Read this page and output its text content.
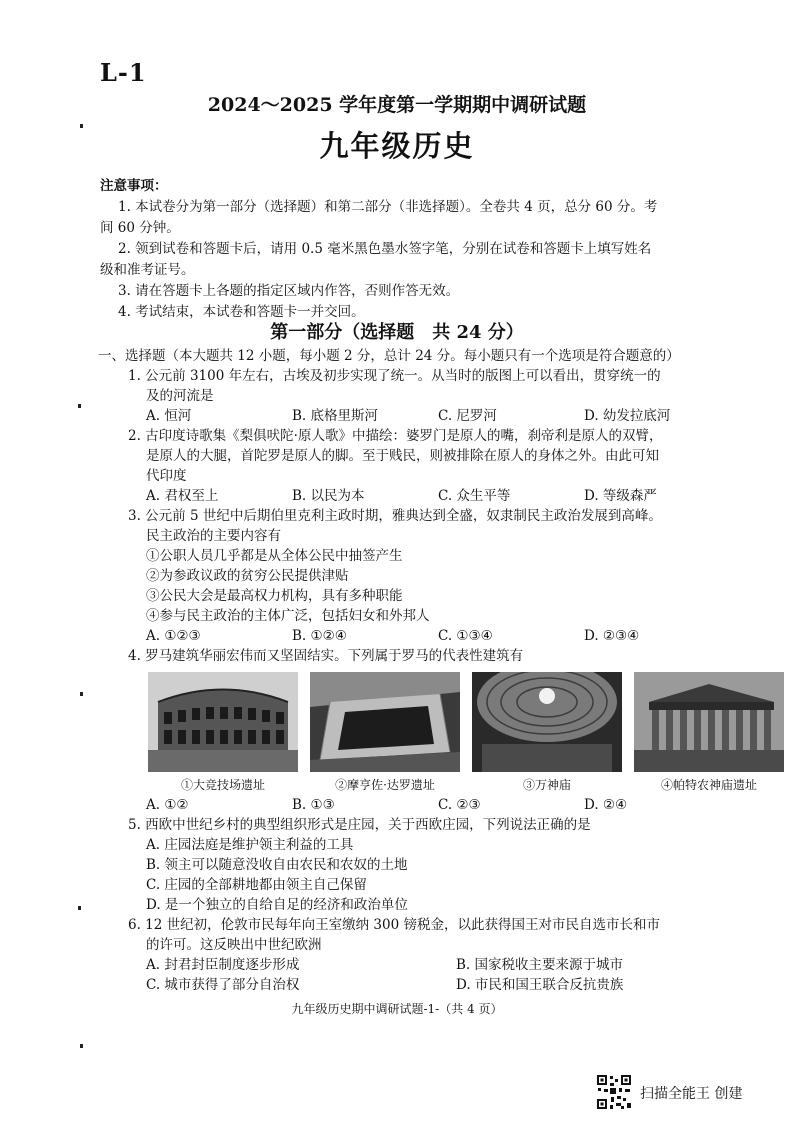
L-1
2024～2025 学年度第一学期期中调研试题
九年级历史

注意事项：

1. 本试卷分为第一部分（选择题）和第二部分（非选择题）。全卷共 4 页，总分 60 分。考

间 60 分钟。

2. 领到试卷和答题卡后，请用 0.5 毫米黑色墨水签字笔，分别在试卷和答题卡上填写姓名

级和准考证号。

3. 请在答题卡上各题的指定区域内作答，否则作答无效。

4. 考试结束，本试卷和答题卡一并交回。

第一部分（选择题　共 24 分）

一、选择题（本大题共 12 小题，每小题 2 分，总计 24 分。每小题只有一个选项是符合题意的）

1. 公元前 3100 年左右，古埃及初步实现了统一。从当时的版图上可以看出，贯穿统一的

及的河流是

A. 恒河	B. 底格里斯河	C. 尼罗河	D. 幼发拉底河

2. 古印度诗歌集《梨俱吠陀·原人歌》中描绘：婆罗门是原人的嘴，刹帝利是原人的双臂，

是原人的大腿，首陀罗是原人的脚。至于贱民，则被排除在原人的身体之外。由此可知

代印度

A. 君权至上	B. 以民为本	C. 众生平等	D. 等级森严

3. 公元前 5 世纪中后期伯里克利主政时期，雅典达到全盛，奴隶制民主政治发展到高峰。

民主政治的主要内容有

①公职人员几乎都是从全体公民中抽签产生

②为参政议政的贫穷公民提供津贴

③公民大会是最高权力机构，具有多种职能

④参与民主政治的主体广泛，包括妇女和外邦人

A. ①②③	B. ①②④	C. ①③④	D. ②③④

4. 罗马建筑华丽宏伟而又坚固结实。下列属于罗马的代表性建筑有

①大竞技场遗址	②摩亨佐·达罗遗址	③万神庙	④帕特农神庙遗址
A. ①②	B. ①③	C. ②③	D. ②④

5. 西欧中世纪乡村的典型组织形式是庄园，关于西欧庄园，下列说法正确的是

A. 庄园法庭是维护领主利益的工具

B. 领主可以随意没收自由农民和农奴的土地

C. 庄园的全部耕地都由领主自己保留

D. 是一个独立的自给自足的经济和政治单位

6. 12 世纪初，伦敦市民每年向王室缴纳 300 镑税金，以此获得国王对市民自选市长和市

的许可。这反映出中世纪欧洲

A. 封君封臣制度逐步形成	B. 国家税收主要来源于城市
C. 城市获得了部分自治权	D. 市民和国王联合反抗贵族
九年级历史期中调研试题-1-（共 4 页）
扫描全能王 创建
